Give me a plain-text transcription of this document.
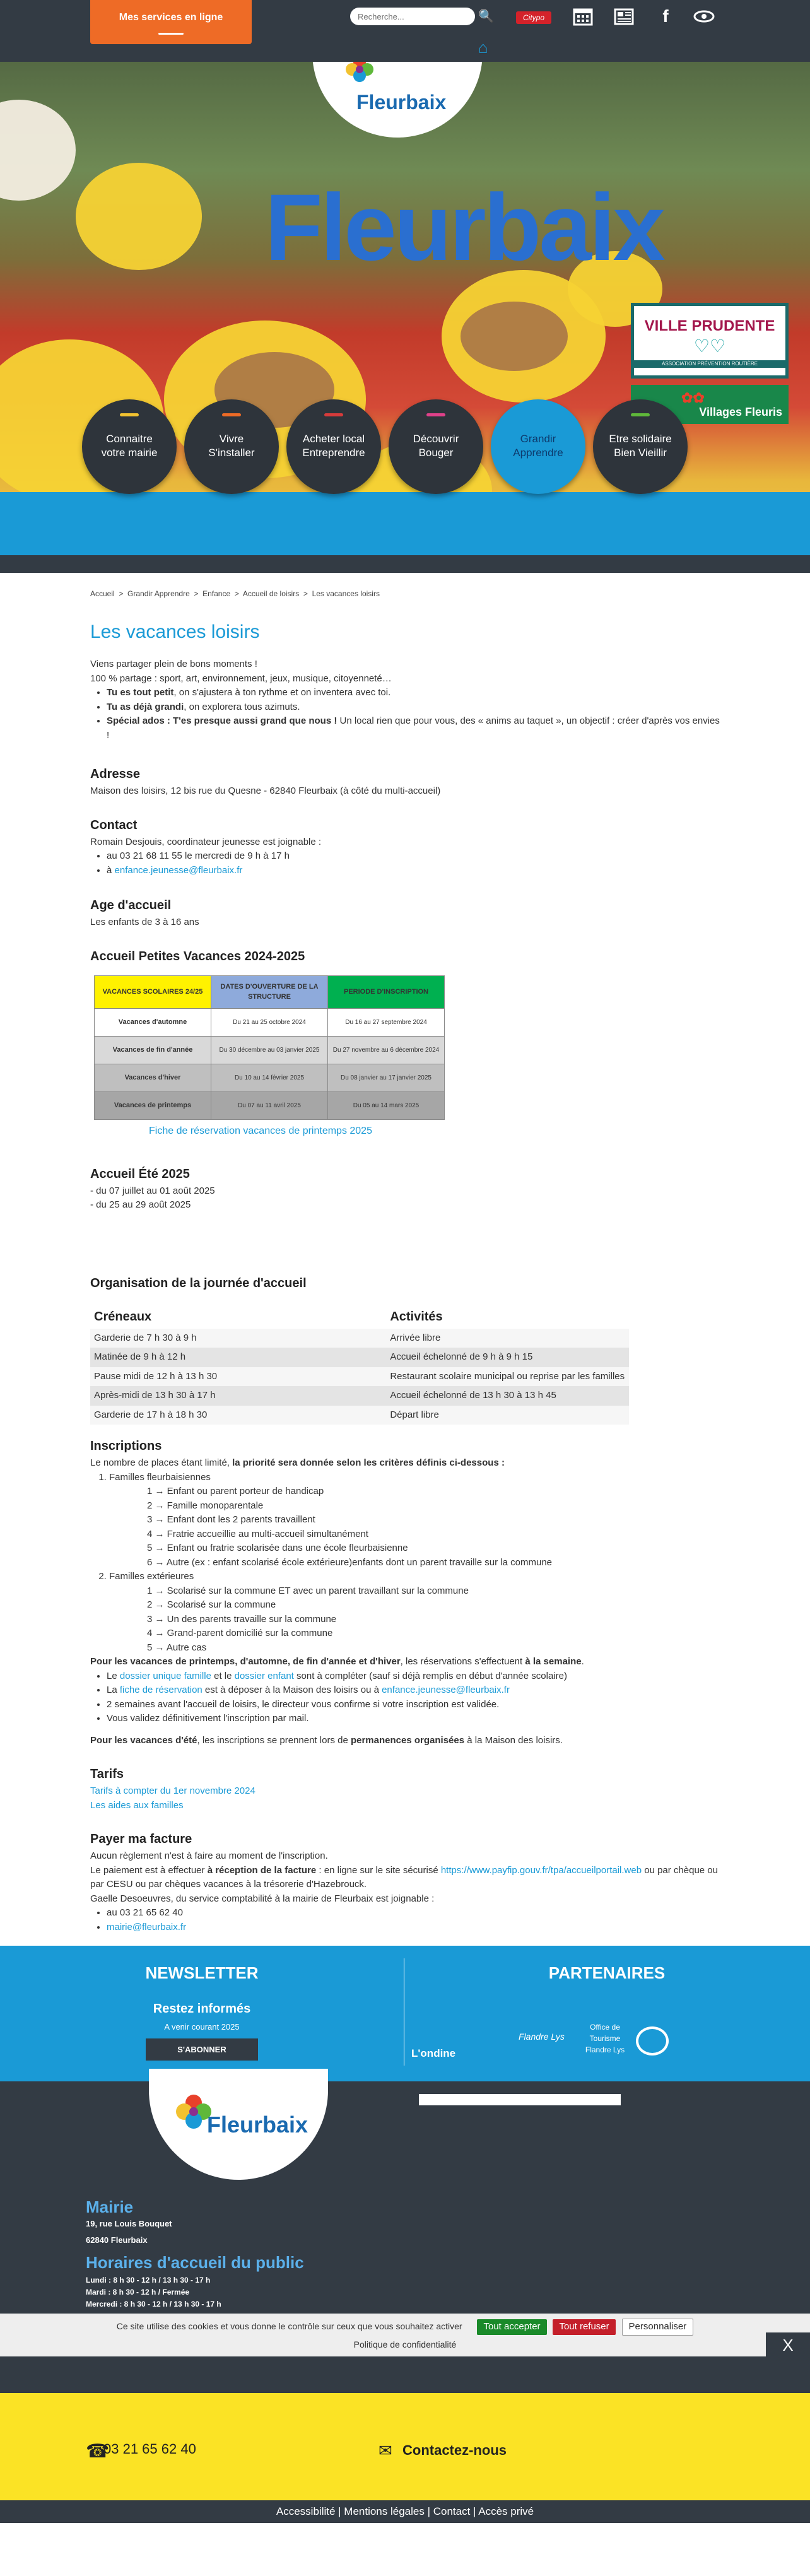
Mes services en ligne
Recherche...	🔍	Citypo	f
⌂
Fleurbaix
Fleurbaix
VILLE PRUDENTE
♡♡
ASSOCIATION PRÉVENTION ROUTIÈRE
✿✿
Villages Fleuris
Connaitre
votre mairie
Vivre
S'installer
Acheter local
Entreprendre
Découvrir
Bouger
Grandir
Apprendre
Etre solidaire
Bien Vieillir
Accueil  >  Grandir Apprendre  >  Enfance  >  Accueil de loisirs  >  Les vacances loisirs
Les vacances loisirs

Viens partager plein de bons moments !

100 % partage : sport, art, environnement, jeux, musique, citoyenneté…

• Tu es tout petit, on s'ajustera à ton rythme et on inventera avec toi.
• Tu as déjà grandi, on explorera tous azimuts.
• Spécial ados : T'es presque aussi grand que nous ! Un local rien que pour vous, des « anims au taquet », un objectif : créer d'après vos envies !
Adresse

Maison des loisirs, 12 bis rue du Quesne - 62840 Fleurbaix (à côté du multi-accueil)

Contact

Romain Desjouis, coordinateur jeunesse est joignable :

• au 03 21 68 11 55 le mercredi de 9 h à 17 h
• à enfance.jeunesse@fleurbaix.fr
Age d'accueil

Les enfants de 3 à 16 ans

Accueil Petites Vacances 2024-2025
VACANCES SCOLAIRES 24/25	DATES D'OUVERTURE DE LA STRUCTURE	PERIODE D'INSCRIPTION
Vacances d'automne	Du 21 au 25 octobre 2024	Du 16 au 27 septembre 2024
Vacances de fin d'année	Du 30 décembre au 03 janvier 2025	Du 27 novembre au 6 décembre 2024
Vacances d'hiver	Du 10 au 14 février 2025	Du 08 janvier au 17 janvier 2025
Vacances de printemps	Du 07 au 11 avril 2025	Du 05 au 14 mars 2025
Fiche de réservation vacances de printemps 2025
Accueil Été 2025

- du 07 juillet au 01 août 2025

- du 25 au 29 août 2025

Organisation de la journée d'accueil
Créneaux	Activités
Garderie de 7 h 30 à 9 h	Arrivée libre
Matinée de 9 h à 12 h	Accueil échelonné de 9 h à 9 h 15
Pause midi de 12 h à 13 h 30	Restaurant scolaire municipal ou reprise par les familles
Après-midi de 13 h 30 à 17 h	Accueil échelonné de 13 h 30 à 13 h 45
Garderie de 17 h à 18 h 30	Départ libre
Inscriptions

Le nombre de places étant limité, la priorité sera donnée selon les critères définis ci-dessous :

1. Familles fleurbaisiennes
1 → Enfant ou parent porteur de handicap
2 → Famille monoparentale
3 → Enfant dont les 2 parents travaillent
4 → Fratrie accueillie au multi-accueil simultanément
5 → Enfant ou fratrie scolarisée dans une école fleurbaisienne
6 → Autre (ex : enfant scolarisé école extérieure)enfants dont un parent travaille sur la commune
2. Familles extérieures
1 → Scolarisé sur la commune ET avec un parent travaillant sur la commune
2 → Scolarisé sur la commune
3 → Un des parents travaille sur la commune
4 → Grand-parent domicilié sur la commune
5 → Autre cas

Pour les vacances de printemps, d'automne, de fin d'année et d'hiver, les réservations s'effectuent à la semaine.

• Le dossier unique famille et le dossier enfant sont à compléter (sauf si déjà remplis en début d'année scolaire)
• La fiche de réservation est à déposer à la Maison des loisirs ou à enfance.jeunesse@fleurbaix.fr
• 2 semaines avant l'accueil de loisirs, le directeur vous confirme si votre inscription est validée.
• Vous validez définitivement l'inscription par mail.

Pour les vacances d'été, les inscriptions se prennent lors de permanences organisées à la Maison des loisirs.

Tarifs

Tarifs à compter du 1er novembre 2024

Les aides aux familles

Payer ma facture

Aucun règlement n'est à faire au moment de l'inscription.

Le paiement est à effectuer à réception de la facture : en ligne sur le site sécurisé https://www.payfip.gouv.fr/tpa/accueilportail.web ou par chèque ou par CESU ou par chèques vacances à la trésorerie d'Hazebrouck.

Gaelle Desoeuvres, du service comptabilité à la mairie de Fleurbaix est joignable :

• au 03 21 65 62 40
• mairie@fleurbaix.fr
NEWSLETTER
Restez informés
A venir courant 2025
S'ABONNER
PARTENAIRES
L'ondine
Flandre Lys
Office de Tourisme Flandre Lys
Fleurbaix
Mairie
19, rue Louis Bouquet
62840 Fleurbaix
Horaires d'accueil du public
Lundi : 8 h 30 - 12 h / 13 h 30 - 17 h
Mardi : 8 h 30 - 12 h / Fermée
Mercredi : 8 h 30 - 12 h / 13 h 30 - 17 h
Ce site utilise des cookies et vous donne le contrôle sur ceux que vous souhaitez activer Tout accepter Tout refuser Personnaliser
Politique de confidentialité	X
☎
03 21 65 62 40	✉ Contactez-nous
Accessibilité | Mentions légales | Contact | Accès privé
